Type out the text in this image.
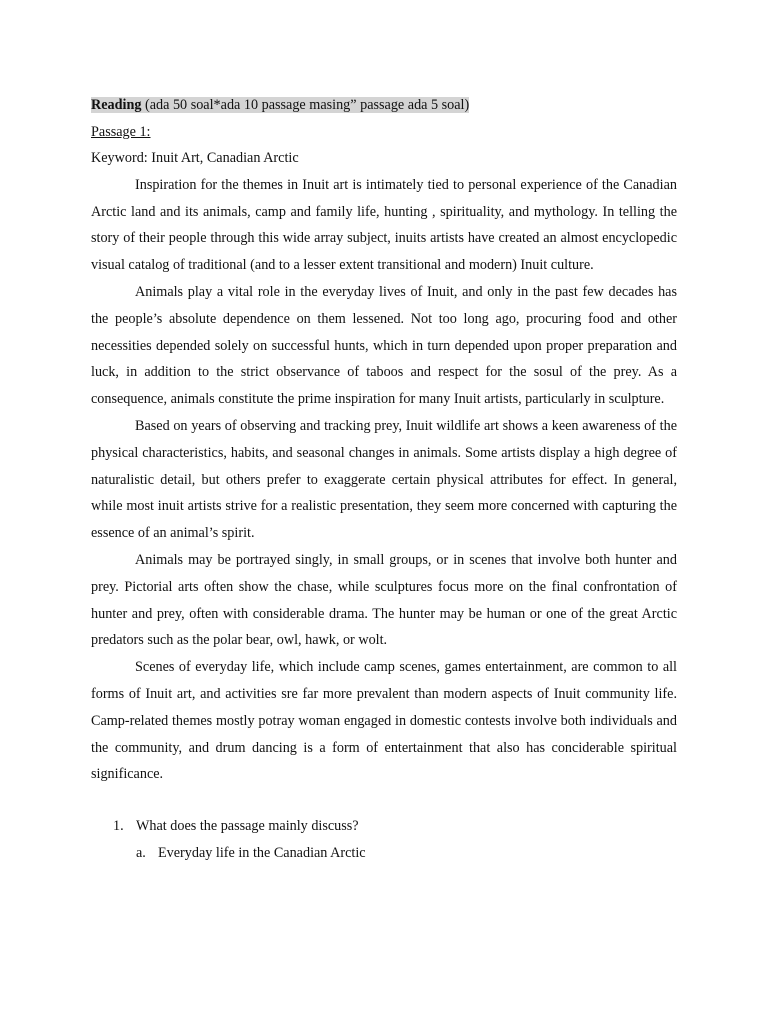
Reading (ada 50 soal*ada 10 passage masing” passage ada 5 soal)
Passage 1:
Keyword: Inuit Art, Canadian Arctic

Inspiration for the themes in Inuit art is intimately tied to personal experience of the Canadian Arctic land and its animals, camp and family life, hunting , spirituality, and mythology. In telling the story of their people through this wide array subject, inuits artists have created an almost encyclopedic visual catalog of traditional (and to a lesser extent transitional and modern) Inuit culture.

Animals play a vital role in the everyday lives of Inuit, and only in the past few decades has the people’s absolute dependence on them lessened. Not too long ago, procuring food and other necessities depended solely on successful hunts, which in turn depended upon proper preparation and luck, in addition to the strict observance of taboos and respect for the sosul of the prey. As a consequence, animals constitute the prime inspiration for many Inuit artists, particularly in sculpture.

Based on years of observing and tracking prey, Inuit wildlife art shows a keen awareness of the physical characteristics, habits, and seasonal changes in animals. Some artists display a high degree of naturalistic detail, but others prefer to exaggerate certain physical attributes for effect. In general, while most inuit artists strive for a realistic presentation, they seem more concerned with capturing the essence of an animal’s spirit.

Animals may be portrayed singly, in small groups, or in scenes that involve both hunter and prey. Pictorial arts often show the chase, while sculptures focus more on the final confrontation of hunter and prey, often with considerable drama. The hunter may be human or one of the great Arctic predators such as the polar bear, owl, hawk, or wolt.

Scenes of everyday life, which include camp scenes, games entertainment, are common to all forms of Inuit art, and activities sre far more prevalent than modern aspects of Inuit community life. Camp-related themes mostly potray woman engaged in domestic contests involve both individuals and the community, and drum dancing is a form of entertainment that also has conciderable spiritual significance.

1. What does the passage mainly discuss?
a. Everyday life in the Canadian Arctic
